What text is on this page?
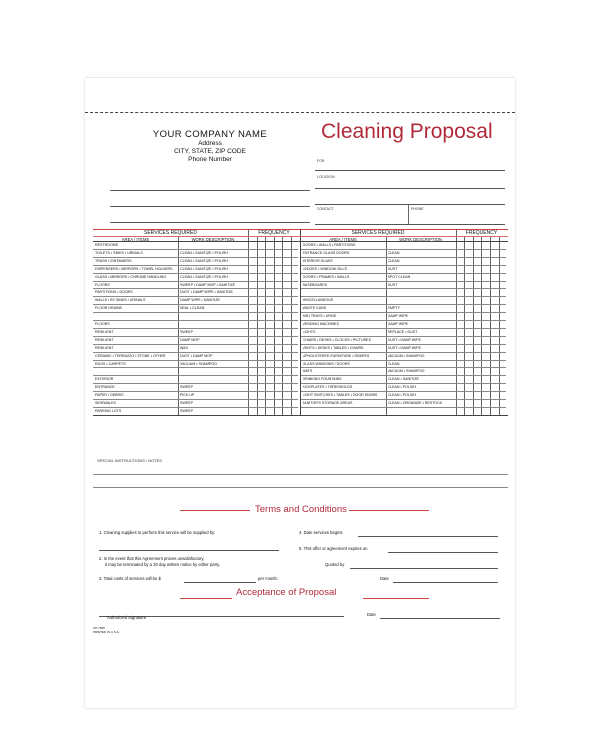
YOUR COMPANY NAME
Address
CITY, STATE, ZIP CODE
Phone Number
Cleaning Proposal
FOR
LOCATION
CONTACT	PHONE
SERVICES REQUIRED	FREQUENCY
AREA / ITEMS	WORK DESCRIPTION
RESTROOMS
TOILETS • SINKS • URINALS	CLEAN • SANITIZE • POLISH
TRASH CONTAINERS	CLEAN • SANITIZE • POLISH
DISPENSERS • MIRRORS • TOWEL HOLDERS	CLEAN • SANITIZE • POLISH
GLASS • MIRRORS • CHROME HANDLING	CLEAN • SANITIZE • POLISH
FLOORS	SWEEP • DAMP MOP • SANITIZE
PARTITIONS • DOORS	DUST • DAMP WIPE • SANITIZE
WALLS • BY SINKS / URINALS	DAMP WIPE • SANITIZE
FLOOR DRAINS	SEAL • CLEAN
FLOORS
RESILIENT	SWEEP
RESILIENT	DAMP MOP
RESILIENT	WAX
CERAMIC • TERRAZZO • STONE • OTHER	DUST • DAMP MOP
RUGS • CARPETS	VACUUM • SHAMPOO
EXTERIOR
ENTRANCE	SWEEP
PAPER • DEBRIS	PICK UP
SIDEWALKS	SWEEP
PARKING LOTS	SWEEP
SERVICES REQUIRED	FREQUENCY
AREA / ITEMS	WORK DESCRIPTION
DOORS • WALLS • PARTITIONS
ENTRANCE GLASS DOORS	CLEAN
INTERIOR GLASS	CLEAN
LEDGES • WINDOW SILLS	DUST
DOORS • FRAMES • WALLS	SPOT CLEAN
BASEBOARDS	DUST
MISCELLANEOUS
WASTE CANS	EMPTY
ASH TRAYS • URNS	DAMP WIPE
VENDING MACHINES	DAMP WIPE
LIGHTS	REPLACE • DUST
CHAIRS • DESKS • CLOCKS • PICTURES	DUST • DAMP WIPE
VENTS • DESKS • TABLES • CHAIRS	DUST • DAMP WIPE
UPHOLSTERED FURNITURE • DRAPES	VACUUM • SHAMPOO
GLASS WINDOWS / DOORS	CLEAN
MATS	VACUUM • SHAMPOO
DRINKING FOUNTAINS	CLEAN • SANITIZE
KICKPLATES • THRESHOLDS	CLEAN • POLISH
LIGHT SWITCHES • TABLES • DOOR KNOBS	CLEAN • POLISH
JANITOR'S STORAGE AREAS	CLEAN • ORGANIZE • RESTOCK
SPECIAL INSTRUCTIONS / NOTES
Terms and Conditions
1. Cleaning supplies to perform this service will be supplied by:
2. In the event that this Agreement proves unsatisfactory,
it may be terminated by a 30 day written notice by either party.
3. Total costs of services will be $	per month.
4. Date services begins
5. This offer or agreement expires on
Quoted by
Date
Acceptance of Proposal
Authorized Signature
Date
CP-7845
PRINTED IN U.S.A.
